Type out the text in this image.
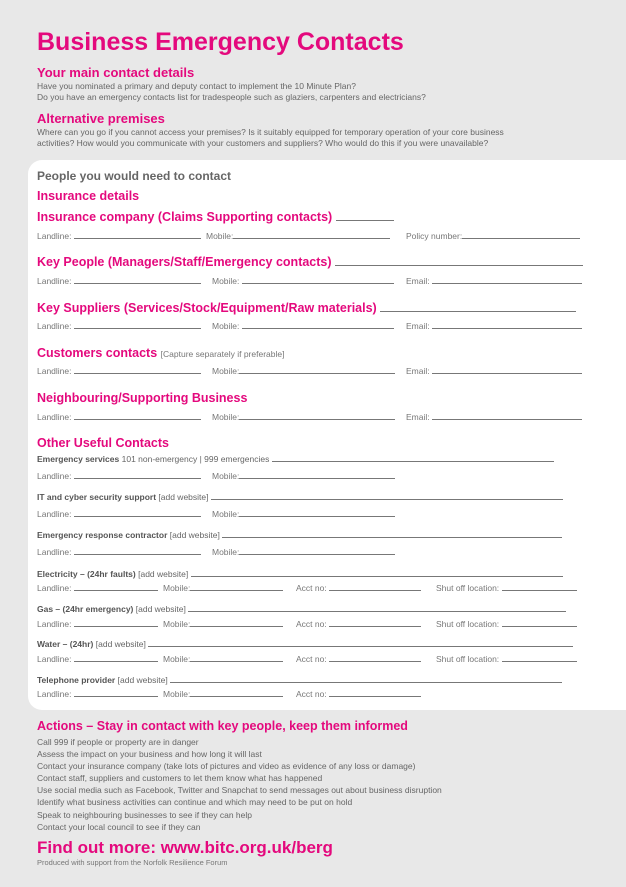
Business Emergency Contacts
Your main contact details

Have you nominated a primary and deputy contact to implement the 10 Minute Plan?
Do you have an emergency contacts list for tradespeople such as glaziers, carpenters and electricians?

Alternative premises

Where can you go if you cannot access your premises? Is it suitably equipped for temporary operation of your core business
activities? How would you communicate with your customers and suppliers? Who would do this if you were unavailable?

People you would need to contact
Insurance details
Insurance company (Claims Supporting contacts)
Landline:	Mobile:	Policy number:
Key People (Managers/Staff/Emergency contacts)
Landline:	Mobile:	Email:
Key Suppliers (Services/Stock/Equipment/Raw materials)
Landline:	Mobile:	Email:
Customers contacts [Capture separately if preferable]
Landline:	Mobile:	Email:
Neighbouring/Supporting Business
Landline:	Mobile:	Email:
Other Useful Contacts
Emergency services 101 non-emergency | 999 emergencies
Landline:	Mobile:
IT and cyber security support [add website]
Landline:	Mobile:
Emergency response contractor [add website]
Landline:	Mobile:
Electricity – (24hr faults) [add website]
Landline:	Mobile:	Acct no:	Shut off location:
Gas – (24hr emergency) [add website]
Landline:	Mobile:	Acct no:	Shut off location:
Water – (24hr) [add website]
Landline:	Mobile:	Acct no:	Shut off location:
Telephone provider [add website]
Landline:	Mobile:	Acct no:
Actions – Stay in contact with key people, keep them informed
Call 999 if people or property are in danger
Assess the impact on your business and how long it will last
Contact your insurance company (take lots of pictures and video as evidence of any loss or damage)
Contact staff, suppliers and customers to let them know what has happened
Use social media such as Facebook, Twitter and Snapchat to send messages out about business disruption
Identify what business activities can continue and which may need to be put on hold
Speak to neighbouring businesses to see if they can help
Contact your local council to see if they can
Find out more: www.bitc.org.uk/berg

Produced with support from the Norfolk Resilience Forum
